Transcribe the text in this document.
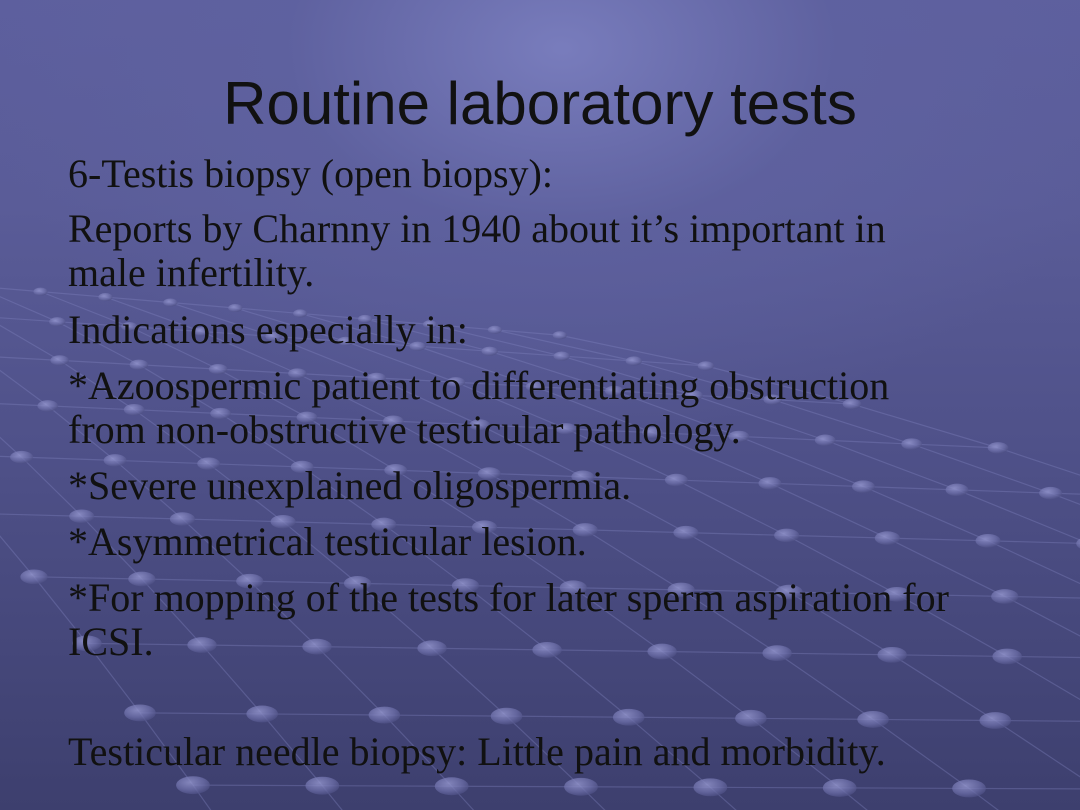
Routine laboratory tests

6-Testis biopsy (open biopsy):

Reports by Charnny in 1940 about it’s important in
male infertility.

Indications especially in:

*Azoospermic patient to differentiating obstruction
from non-obstructive testicular pathology.

*Severe unexplained oligospermia.

*Asymmetrical testicular lesion.

*For mopping of the tests for later sperm aspiration for
ICSI.

Testicular needle biopsy: Little pain and morbidity.
